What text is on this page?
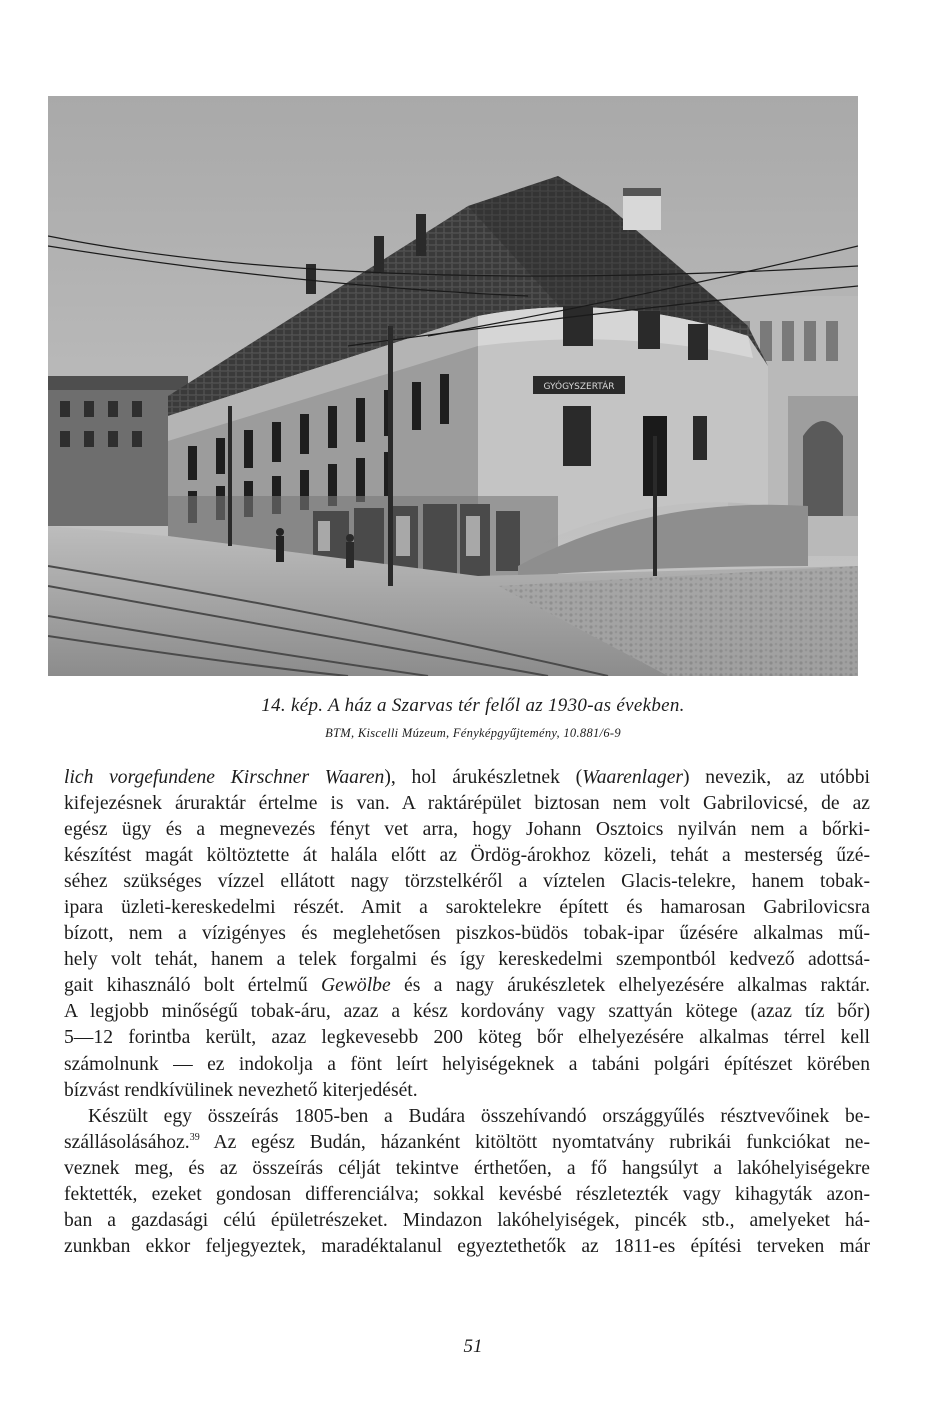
GYÓGYSZERTÁR

14. kép. A ház a Szarvas tér felől az 1930-as években.

BTM, Kiscelli Múzeum, Fényképgyűjtemény, 10.881/6-9

lich vorgefundene Kirschner Waaren), hol árukészletnek (Waarenlager) nevezik, az utóbbi
kifejezésnek áruraktár értelme is van. A raktárépület biztosan nem volt Gabrilovicsé, de az
egész ügy és a megnevezés fényt vet arra, hogy Johann Osztoics nyilván nem a bőrki-
készítést magát költöztette át halála előtt az Ördög-árokhoz közeli, tehát a mesterség űzé-
séhez szükséges vízzel ellátott nagy törzstelkéről a víztelen Glacis-telekre, hanem tobak-
ipara üzleti-kereskedelmi részét. Amit a saroktelekre épített és hamarosan Gabrilovicsra
bízott, nem a vízigényes és meglehetősen piszkos-büdös tobak-ipar űzésére alkalmas mű-
hely volt tehát, hanem a telek forgalmi és így kereskedelmi szempontból kedvező adottsá-
gait kihasználó bolt értelmű Gewölbe és a nagy árukészletek elhelyezésére alkalmas raktár.
A legjobb minőségű tobak-áru, azaz a kész kordovány vagy szattyán kötege (azaz tíz bőr)
5—12 forintba került, azaz legkevesebb 200 köteg bőr elhelyezésére alkalmas térrel kell
számolnunk — ez indokolja a fönt leírt helyiségeknek a tabáni polgári építészet körében
bízvást rendkívülinek nevezhető kiterjedését.

Készült egy összeírás 1805-ben a Budára összehívandó országgyűlés résztvevőinek be-
szállásolásához.$^{39}$ Az egész Budán, házanként kitöltött nyomtatvány rubrikái funkciókat ne-
veznek meg, és az összeírás célját tekintve érthetően, a fő hangsúlyt a lakóhelyiségekre
fektették, ezeket gondosan differenciálva; sokkal kevésbé részletezték vagy kihagyták azon-
ban a gazdasági célú épületrészeket. Mindazon lakóhelyiségek, pincék stb., amelyeket há-
zunkban ekkor feljegyeztek, maradéktalanul egyeztethetők az 1811-es építési terveken már

51
